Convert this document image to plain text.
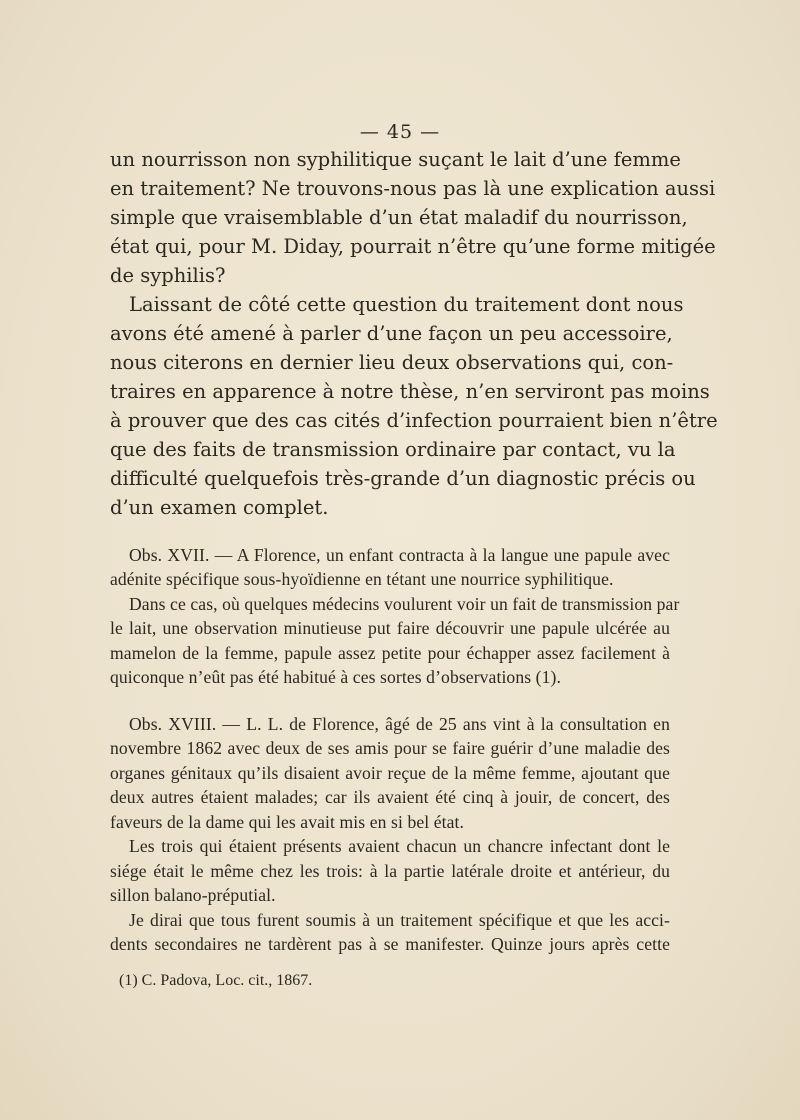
— 45 —
un nourrisson non syphilitique suçant le lait d’une femme
en traitement? Ne trouvons-nous pas là une explication aussi
simple que vraisemblable d’un état maladif du nourrisson,
état qui, pour M. Diday, pourrait n’être qu’une forme mitigée
de syphilis?
Laissant de côté cette question du traitement dont nous
avons été amené à parler d’une façon un peu accessoire,
nous citerons en dernier lieu deux observations qui, con-
traires en apparence à notre thèse, n’en serviront pas moins
à prouver que des cas cités d’infection pourraient bien n’être
que des faits de transmission ordinaire par contact, vu la
difficulté quelquefois très-grande d’un diagnostic précis ou
d’un examen complet.
Obs. XVII. — A Florence, un enfant contracta à la langue une papule avec
adénite spécifique sous-hyoïdienne en tétant une nourrice syphilitique.
Dans ce cas, où quelques médecins voulurent voir un fait de transmission par
le lait, une observation minutieuse put faire découvrir une papule ulcérée au
mamelon de la femme, papule assez petite pour échapper assez facilement à
quiconque n’eût pas été habitué à ces sortes d’observations (1).
Obs. XVIII. — L. L. de Florence, âgé de 25 ans vint à la consultation en
novembre 1862 avec deux de ses amis pour se faire guérir d’une maladie des
organes génitaux qu’ils disaient avoir reçue de la même femme, ajoutant que
deux autres étaient malades; car ils avaient été cinq à jouir, de concert, des
faveurs de la dame qui les avait mis en si bel état.
Les trois qui étaient présents avaient chacun un chancre infectant dont le
siége était le même chez les trois: à la partie latérale droite et antérieur, du
sillon balano-préputial.
Je dirai que tous furent soumis à un traitement spécifique et que les acci-
dents secondaires ne tardèrent pas à se manifester. Quinze jours après cette
(1) C. Padova, Loc. cit., 1867.
